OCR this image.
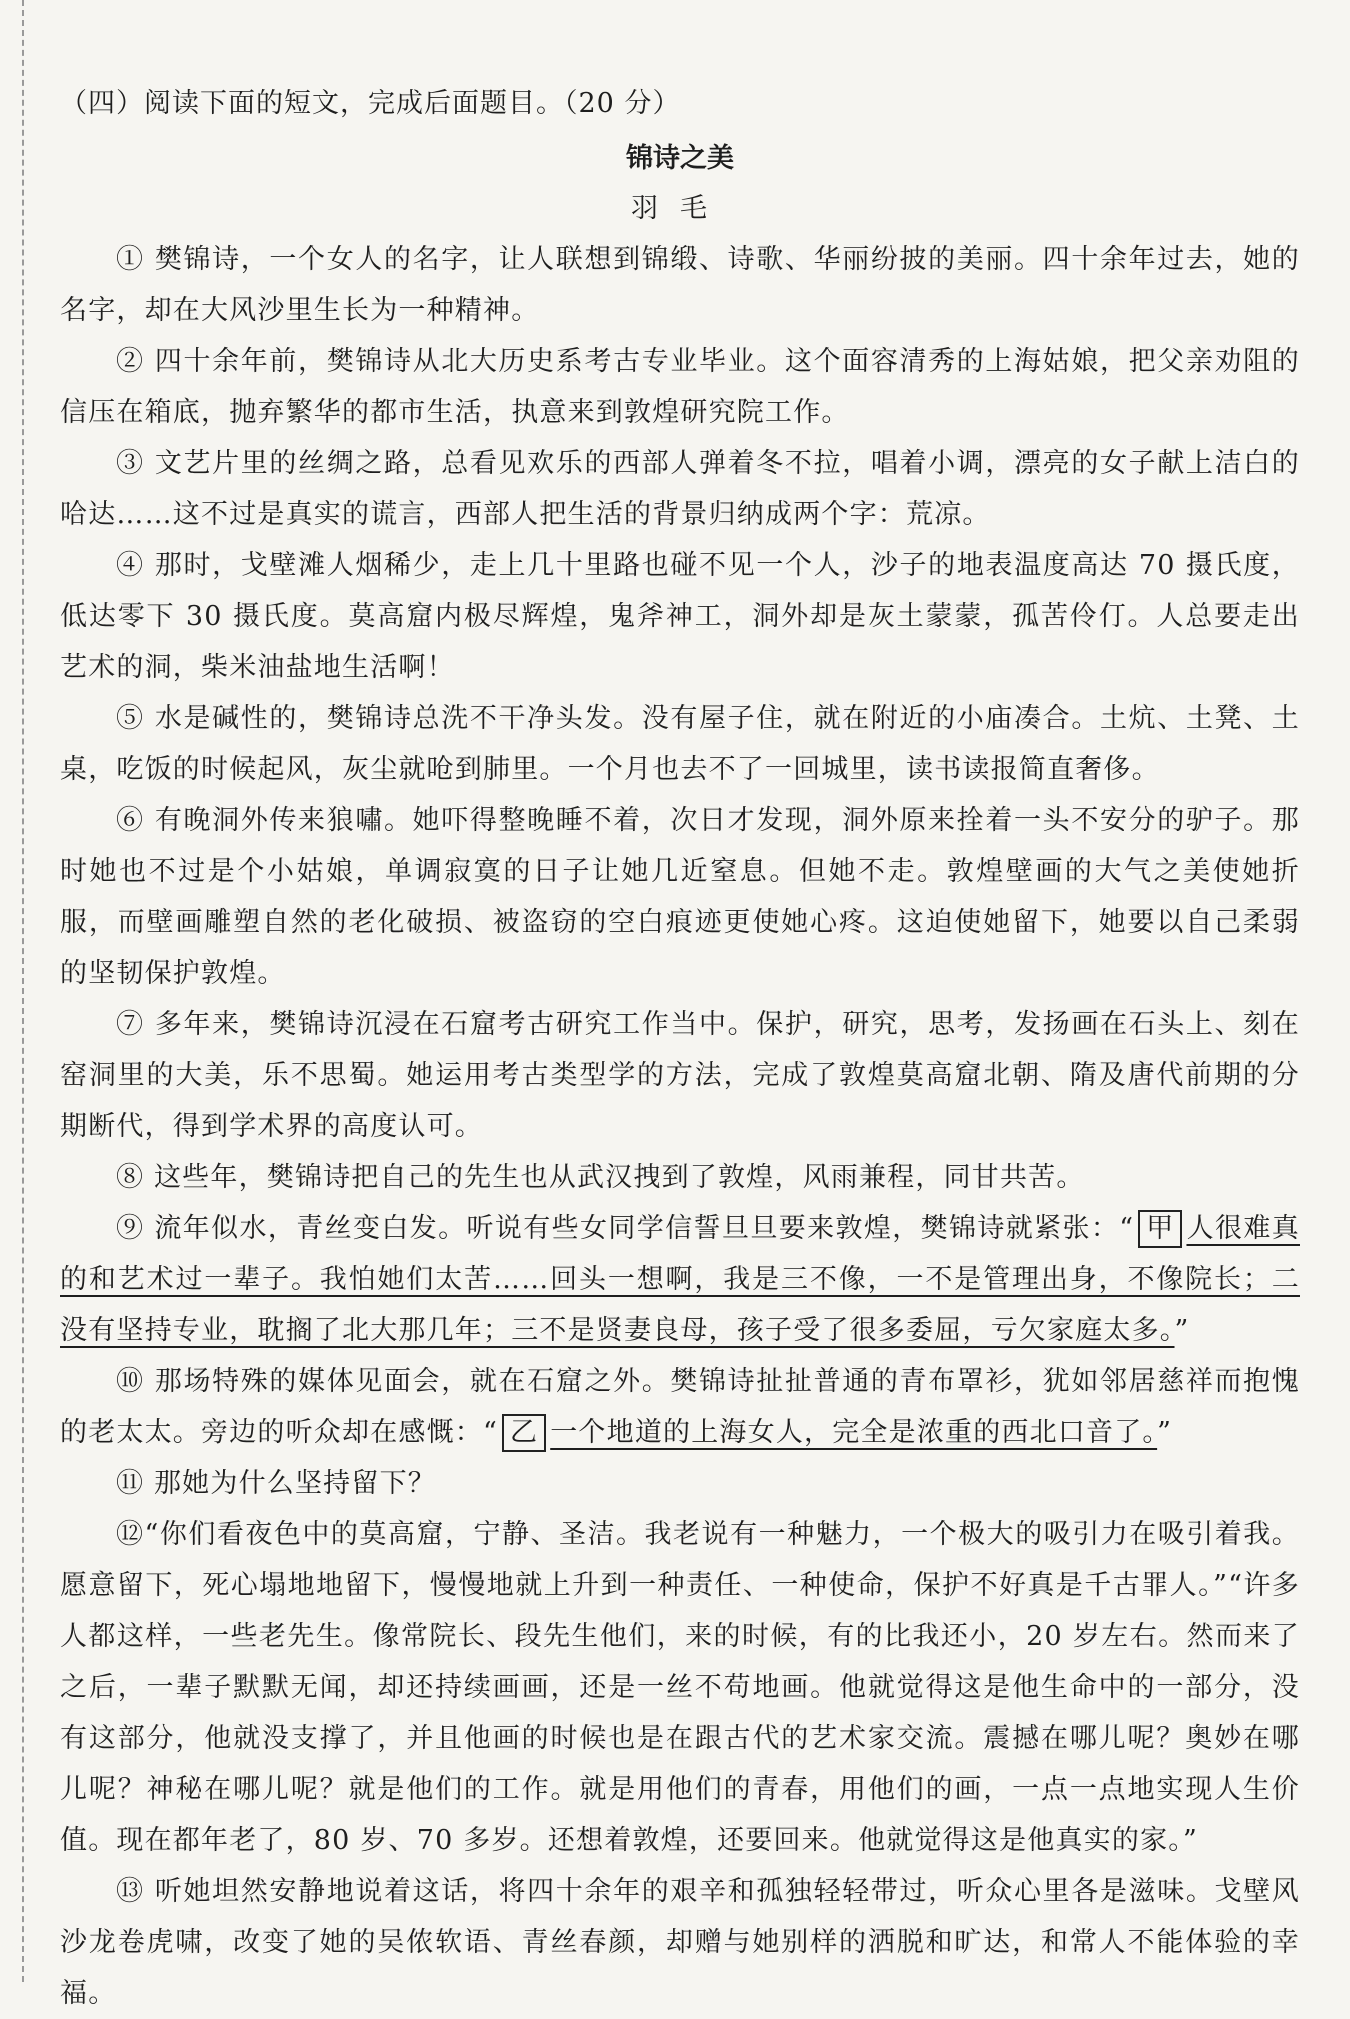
（四）阅读下面的短文，完成后面题目。（20 分）
锦诗之美
羽毛

① 樊锦诗，一个女人的名字，让人联想到锦缎、诗歌、华丽纷披的美丽。四十余年过去，她的名字，却在大风沙里生长为一种精神。

② 四十余年前，樊锦诗从北大历史系考古专业毕业。这个面容清秀的上海姑娘，把父亲劝阻的信压在箱底，抛弃繁华的都市生活，执意来到敦煌研究院工作。

③ 文艺片里的丝绸之路，总看见欢乐的西部人弹着冬不拉，唱着小调，漂亮的女子献上洁白的哈达……这不过是真实的谎言，西部人把生活的背景归纳成两个字：荒凉。

④ 那时，戈壁滩人烟稀少，走上几十里路也碰不见一个人，沙子的地表温度高达 70 摄氏度，低达零下 30 摄氏度。莫高窟内极尽辉煌，鬼斧神工，洞外却是灰土蒙蒙，孤苦伶仃。人总要走出艺术的洞，柴米油盐地生活啊！

⑤ 水是碱性的，樊锦诗总洗不干净头发。没有屋子住，就在附近的小庙凑合。土炕、土凳、土桌，吃饭的时候起风，灰尘就呛到肺里。一个月也去不了一回城里，读书读报简直奢侈。

⑥ 有晚洞外传来狼嘯。她吓得整晚睡不着，次日才发现，洞外原来拴着一头不安分的驴子。那时她也不过是个小姑娘，单调寂寞的日子让她几近窒息。但她不走。敦煌壁画的大气之美使她折服，而壁画雕塑自然的老化破损、被盗窃的空白痕迹更使她心疼。这迫使她留下，她要以自己柔弱的坚韧保护敦煌。

⑦ 多年来，樊锦诗沉浸在石窟考古研究工作当中。保护，研究，思考，发扬画在石头上、刻在窑洞里的大美，乐不思蜀。她运用考古类型学的方法，完成了敦煌莫高窟北朝、隋及唐代前期的分期断代，得到学术界的高度认可。

⑧ 这些年，樊锦诗把自己的先生也从武汉拽到了敦煌，风雨兼程，同甘共苦。

⑨ 流年似水，青丝变白发。听说有些女同学信誓旦旦要来敦煌，樊锦诗就紧张：“ 甲 人很难真的和艺术过一辈子。我怕她们太苦……回头一想啊，我是三不像，一不是管理出身，不像院长；二没有坚持专业，耽搁了北大那几年；三不是贤妻良母，孩子受了很多委屈，亏欠家庭太多。”

⑩ 那场特殊的媒体见面会，就在石窟之外。樊锦诗扯扯普通的青布罩衫，犹如邻居慈祥而抱愧的老太太。旁边的听众却在感慨：“ 乙 一个地道的上海女人，完全是浓重的西北口音了。”

⑪ 那她为什么坚持留下？

⑫“你们看夜色中的莫高窟，宁静、圣洁。我老说有一种魅力，一个极大的吸引力在吸引着我。愿意留下，死心塌地地留下，慢慢地就上升到一种责任、一种使命，保护不好真是千古罪人。”“许多人都这样，一些老先生。像常院长、段先生他们，来的时候，有的比我还小，20 岁左右。然而来了之后，一辈子默默无闻，却还持续画画，还是一丝不苟地画。他就觉得这是他生命中的一部分，没有这部分，他就没支撑了，并且他画的时候也是在跟古代的艺术家交流。震撼在哪儿呢？奥妙在哪儿呢？神秘在哪儿呢？就是他们的工作。就是用他们的青春，用他们的画，一点一点地实现人生价值。现在都年老了，80 岁、70 多岁。还想着敦煌，还要回来。他就觉得这是他真实的家。”

⑬ 听她坦然安静地说着这话，将四十余年的艰辛和孤独轻轻带过，听众心里各是滋味。戈壁风沙龙卷虎啸，改变了她的吴侬软语、青丝春颜，却赠与她别样的洒脱和旷达，和常人不能体验的幸福。
